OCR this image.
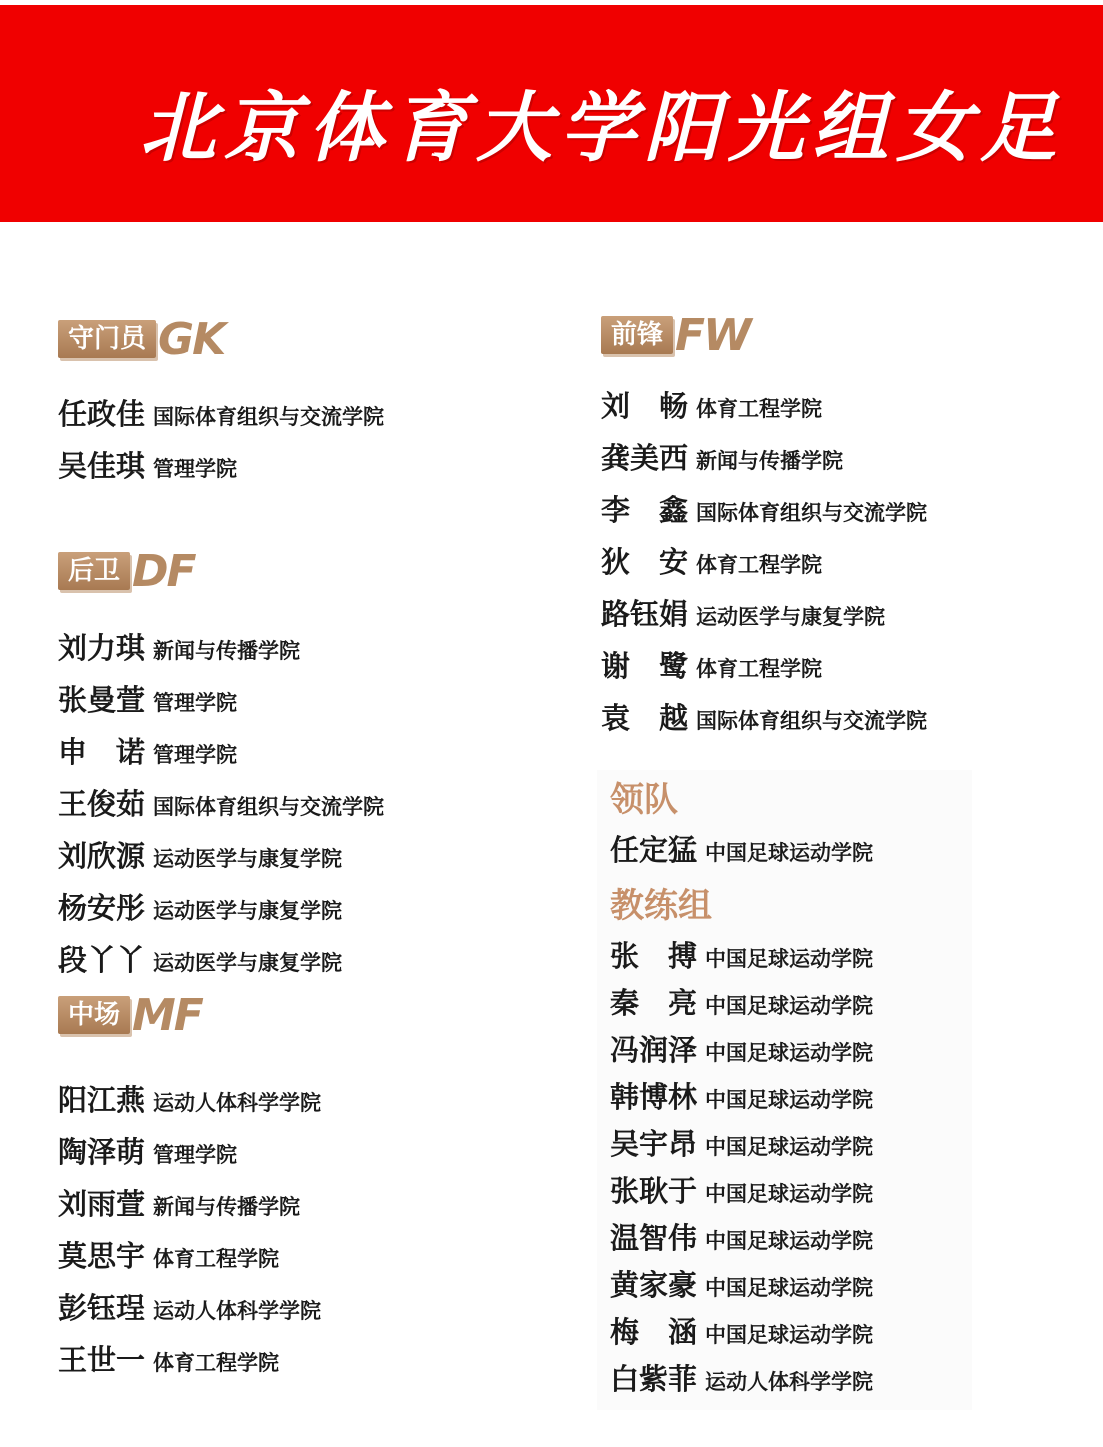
北京体育大学阳光组女足
守门员 GK
任政佳 国际体育组织与交流学院
吴佳琪 管理学院
后卫 DF
刘力琪 新闻与传播学院
张曼萱 管理学院
申　诺 管理学院
王俊茹 国际体育组织与交流学院
刘欣源 运动医学与康复学院
杨安彤 运动医学与康复学院
段丫丫 运动医学与康复学院
中场 MF
阳江燕 运动人体科学学院
陶泽萌 管理学院
刘雨萱 新闻与传播学院
莫思宇 体育工程学院
彭钰珵 运动人体科学学院
王世一 体育工程学院
前锋 FW
刘　畅 体育工程学院
龚美西 新闻与传播学院
李　鑫 国际体育组织与交流学院
狄　安 体育工程学院
路钰娟 运动医学与康复学院
谢　鹭 体育工程学院
袁　越 国际体育组织与交流学院
领队
任定猛 中国足球运动学院
教练组
张　搏 中国足球运动学院
秦　亮 中国足球运动学院
冯润泽 中国足球运动学院
韩博林 中国足球运动学院
吴宇昂 中国足球运动学院
张耿于 中国足球运动学院
温智伟 中国足球运动学院
黄家豪 中国足球运动学院
梅　涵 中国足球运动学院
白紫菲 运动人体科学学院
